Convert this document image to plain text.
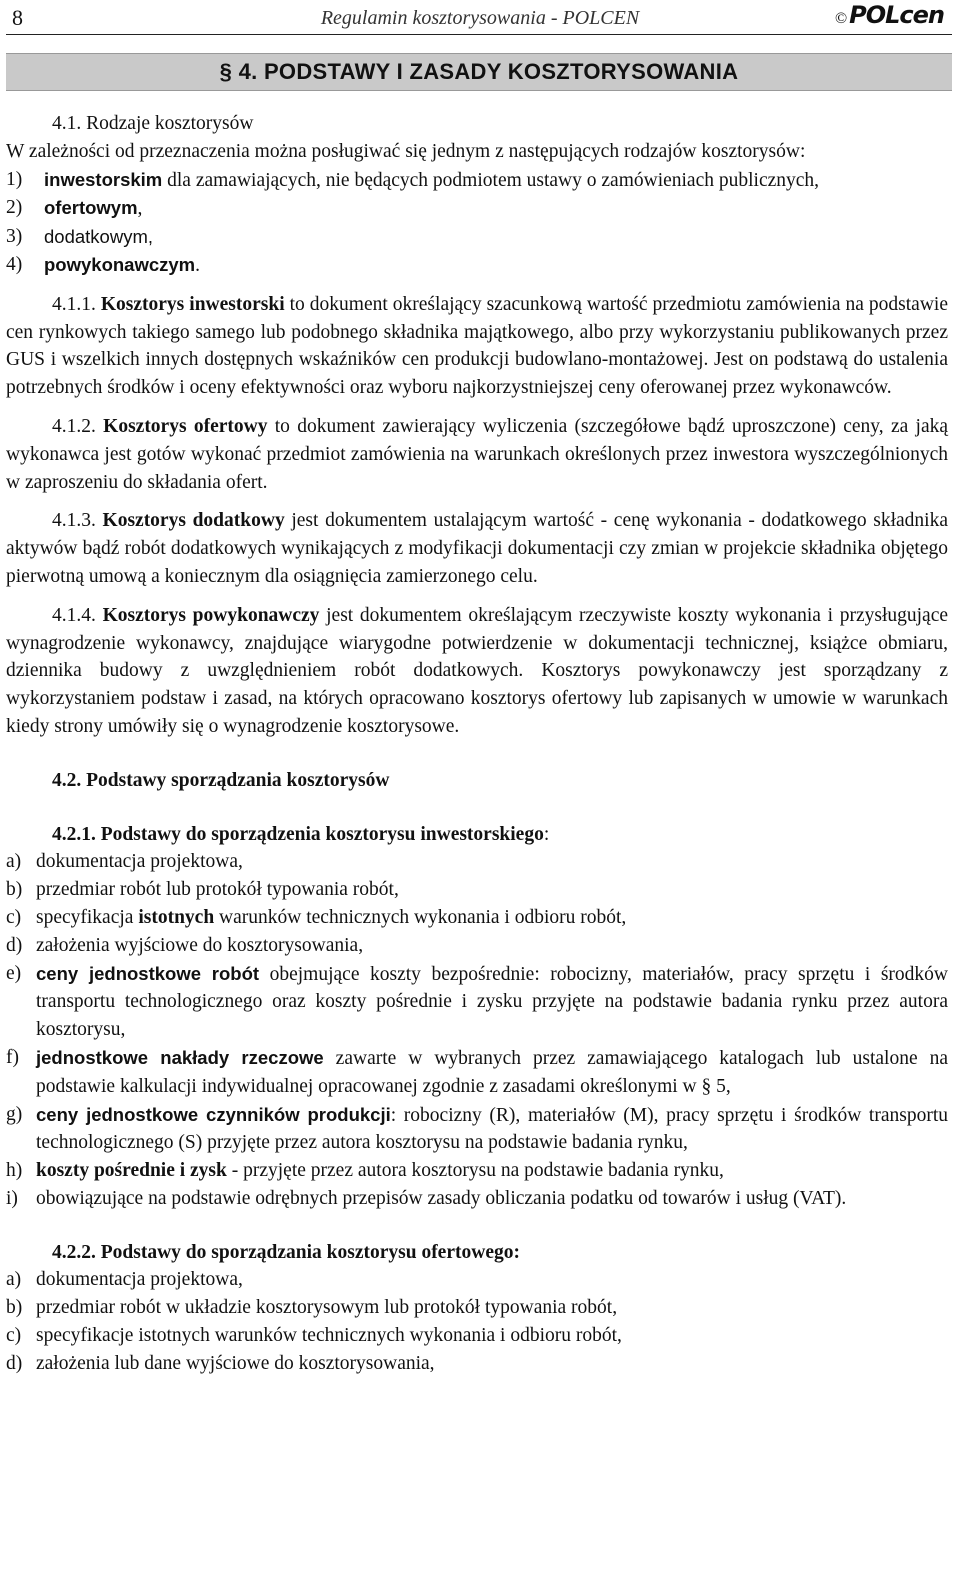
8	Regulamin kosztorysowania - POLCEN	© POLcen
§ 4. PODSTAWY I ZASADY KOSZTORYSOWANIA

4.1. Rodzaje kosztorysów

W zależności od przeznaczenia można posługiwać się jednym z następujących rodzajów kosztorysów:

1)	inwestorskim dla zamawiających, nie będących podmiotem ustawy o zamówieniach publicznych,
2)	ofertowym,
3)	dodatkowym,
4)	powykonawczym.

4.1.1. Kosztorys inwestorski to dokument określający szacunkową wartość przedmiotu zamówienia na podstawie cen rynkowych takiego samego lub podobnego składnika majątkowego, albo przy wykorzystaniu publikowanych przez GUS i wszelkich innych dostępnych wskaźników cen produkcji budowlano-montażowej. Jest on podstawą do ustalenia potrzebnych środków i oceny efektywności oraz wyboru najkorzystniejszej ceny oferowanej przez wykonawców.

4.1.2. Kosztorys ofertowy to dokument zawierający wyliczenia (szczegółowe bądź uproszczone) ceny, za jaką wykonawca jest gotów wykonać przedmiot zamówienia na warunkach określonych przez inwestora wyszczególnionych w zaproszeniu do składania ofert.

4.1.3. Kosztorys dodatkowy jest dokumentem ustalającym wartość - cenę wykonania - dodatkowego składnika aktywów bądź robót dodatkowych wynikających z modyfikacji dokumentacji czy zmian w projekcie składnika objętego pierwotną umową a koniecznym dla osiągnięcia zamierzonego celu.

4.1.4. Kosztorys powykonawczy jest dokumentem określającym rzeczywiste koszty wykonania i przysługujące wynagrodzenie wykonawcy, znajdujące wiarygodne potwierdzenie w dokumentacji technicznej, książce obmiaru, dziennika budowy z uwzględnieniem robót dodatkowych. Kosztorys powykonawczy jest sporządzany z wykorzystaniem podstaw i zasad, na których opracowano kosztorys ofertowy lub zapisanych w umowie w warunkach kiedy strony umówiły się o wynagrodzenie kosztorysowe.

4.2. Podstawy sporządzania kosztorysów

4.2.1. Podstawy do sporządzenia kosztorysu inwestorskiego:

a) dokumentacja projektowa,
b) przedmiar robót lub protokół typowania robót,
c) specyfikacja istotnych warunków technicznych wykonania i odbioru robót,
d) założenia wyjściowe do kosztorysowania,
e) ceny jednostkowe robót obejmujące koszty bezpośrednie: robocizny, materiałów, pracy sprzętu i środków transportu technologicznego oraz koszty pośrednie i zysku przyjęte na podstawie badania rynku przez autora kosztorysu,
f) jednostkowe nakłady rzeczowe zawarte w wybranych przez zamawiającego katalogach lub ustalone na podstawie kalkulacji indywidualnej opracowanej zgodnie z zasadami określonymi w § 5,
g) ceny jednostkowe czynników produkcji: robocizny (R), materiałów (M), pracy sprzętu i środków transportu technologicznego (S) przyjęte przez autora kosztorysu na podstawie badania rynku,
h) koszty pośrednie i zysk - przyjęte przez autora kosztorysu na podstawie badania rynku,
i) obowiązujące na podstawie odrębnych przepisów zasady obliczania podatku od towarów i usług (VAT).

4.2.2. Podstawy do sporządzania kosztorysu ofertowego:

a) dokumentacja projektowa,
b) przedmiar robót w układzie kosztorysowym lub protokół typowania robót,
c) specyfikacje istotnych warunków technicznych wykonania i odbioru robót,
d) założenia lub dane wyjściowe do kosztorysowania,
